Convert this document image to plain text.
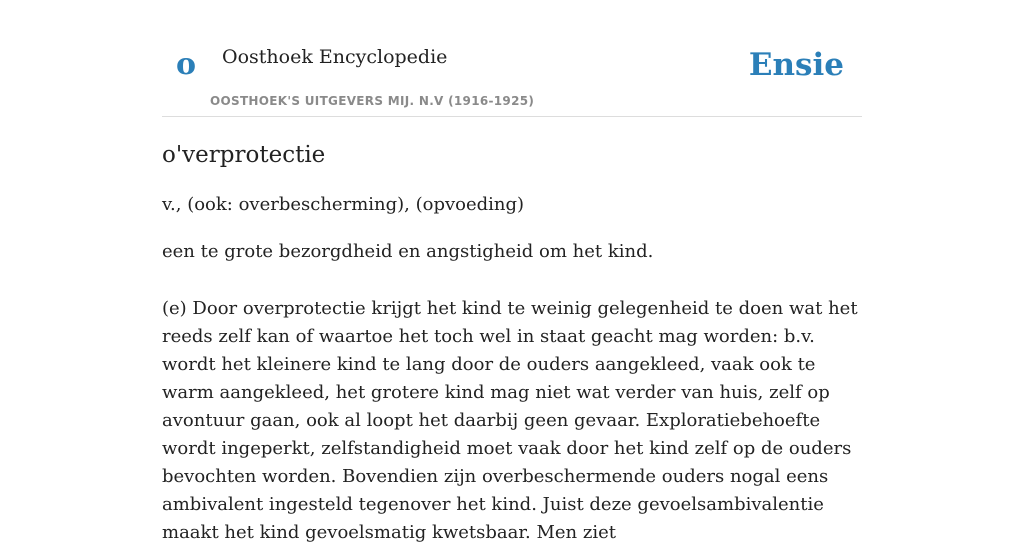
o Oosthoek Encyclopedie
OOSTHOEK'S UITGEVERS MIJ. N.V (1916-1925)
Ensie
o'verprotectie

v., (ook: overbescherming), (opvoeding)

een te grote bezorgdheid en angstigheid om het kind.

(e) Door overprotectie krijgt het kind te weinig gelegenheid te doen wat het reeds zelf kan of waartoe het toch wel in staat geacht mag worden: b.v. wordt het kleinere kind te lang door de ouders aangekleed, vaak ook te warm aangekleed, het grotere kind mag niet wat verder van huis, zelf op avontuur gaan, ook al loopt het daarbij geen gevaar. Exploratiebehoefte wordt ingeperkt, zelfstandigheid moet vaak door het kind zelf op de ouders bevochten worden. Bovendien zijn overbeschermende ouders nogal eens ambivalent ingesteld tegenover het kind. Juist deze gevoelsambivalentie maakt het kind gevoelsmatig kwetsbaar. Men ziet
